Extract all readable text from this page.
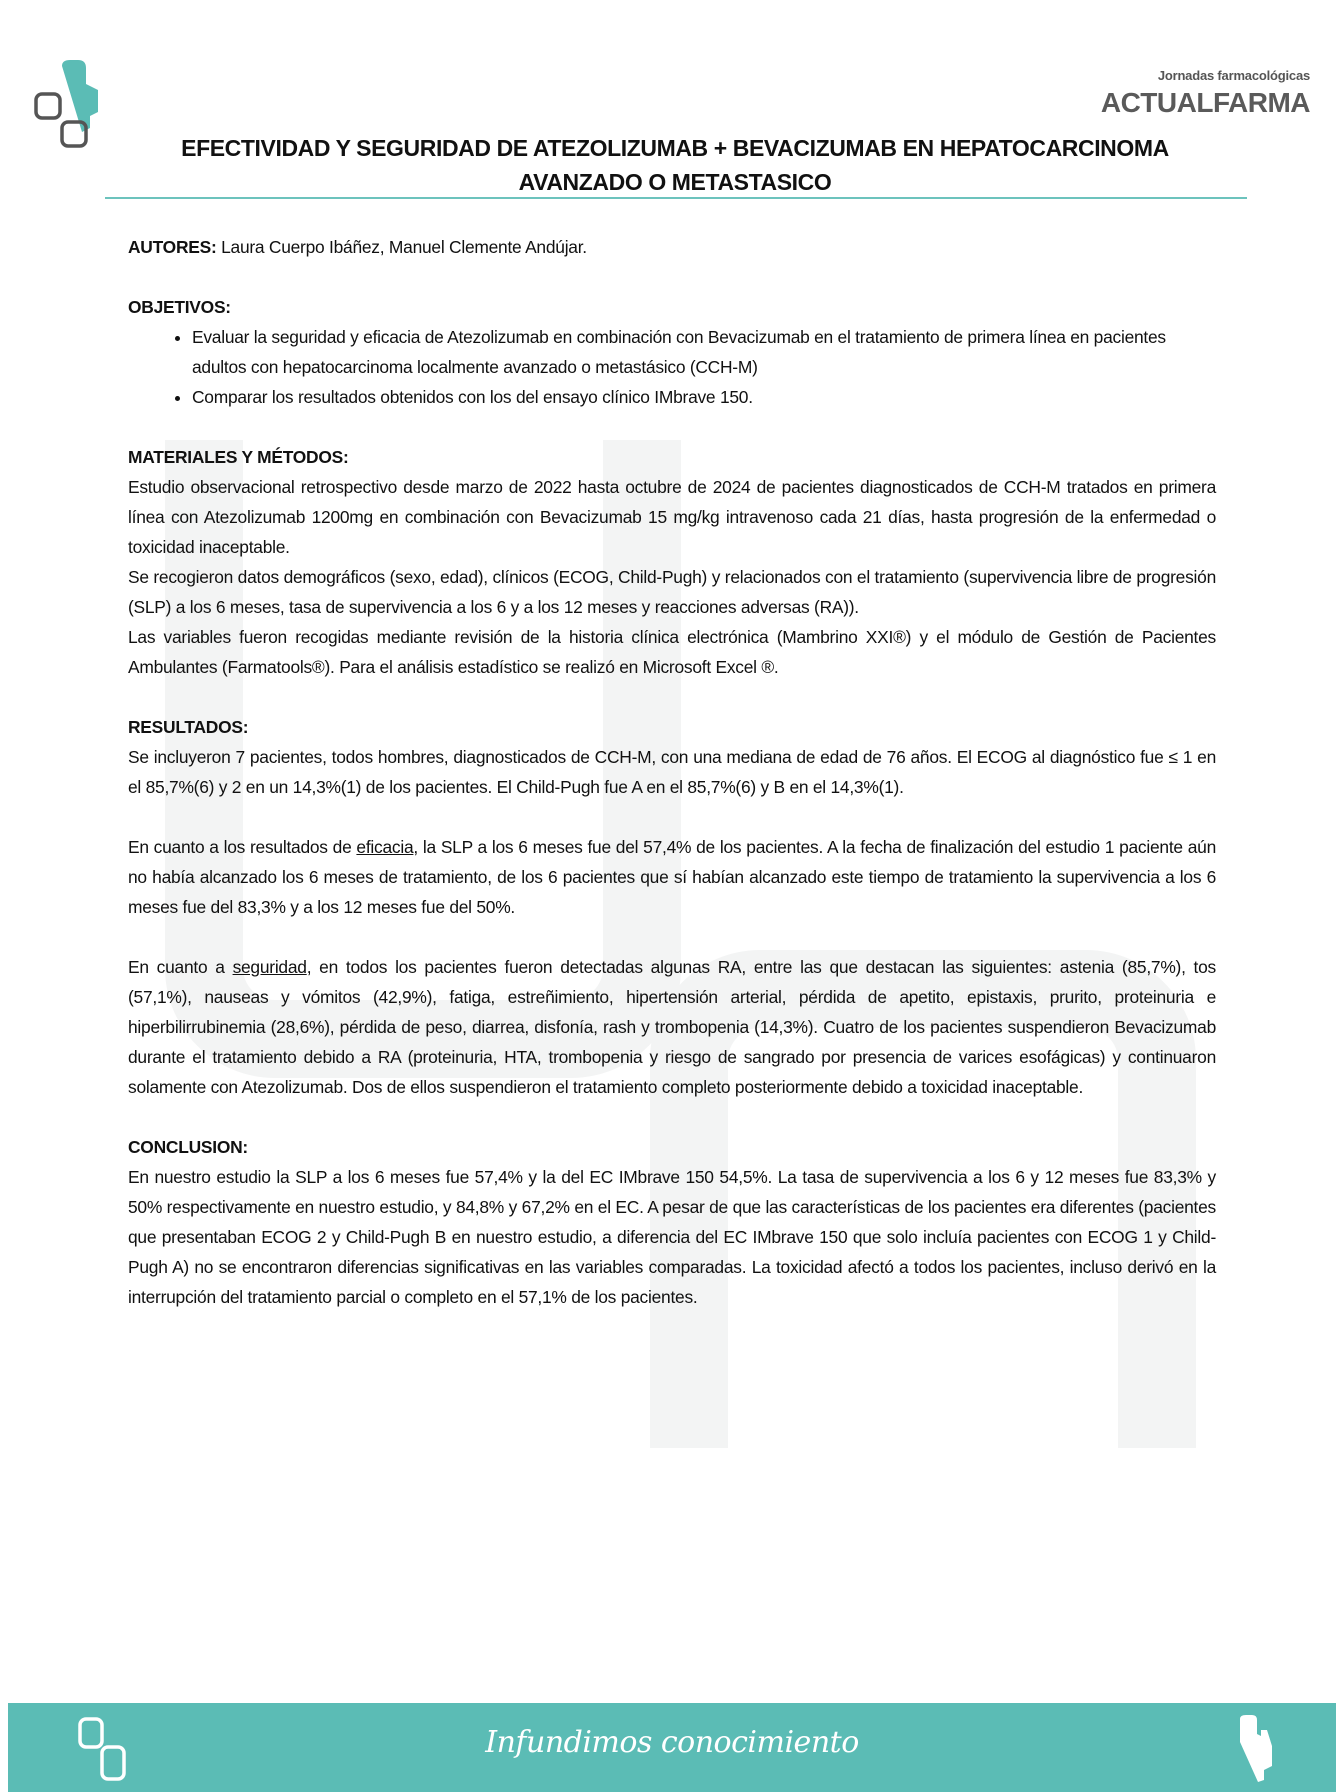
Jornadas farmacológicas
ACTUALFARMA
EFECTIVIDAD Y SEGURIDAD DE ATEZOLIZUMAB + BEVACIZUMAB EN HEPATOCARCINOMA
AVANZADO O METASTASICO

AUTORES: Laura Cuerpo Ibáñez, Manuel Clemente Andújar.

OBJETIVOS:

• Evaluar la seguridad y eficacia de Atezolizumab en combinación con Bevacizumab en el tratamiento de primera línea en pacientes adultos con hepatocarcinoma localmente avanzado o metastásico (CCH-M)
• Comparar los resultados obtenidos con los del ensayo clínico IMbrave 150.

MATERIALES Y MÉTODOS:

Estudio observacional retrospectivo desde marzo de 2022 hasta octubre de 2024 de pacientes diagnosticados de CCH-M tratados en primera línea con Atezolizumab 1200mg en combinación con Bevacizumab 15 mg/kg intravenoso cada 21 días, hasta progresión de la enfermedad o toxicidad inaceptable.

Se recogieron datos demográficos (sexo, edad), clínicos (ECOG, Child-Pugh) y relacionados con el tratamiento (supervivencia libre de progresión (SLP) a los 6 meses, tasa de supervivencia a los 6 y a los 12 meses y reacciones adversas (RA)).

Las variables fueron recogidas mediante revisión de la historia clínica electrónica (Mambrino XXI®) y el módulo de Gestión de Pacientes Ambulantes (Farmatools®). Para el análisis estadístico se realizó en Microsoft Excel ®.

RESULTADOS:

Se incluyeron 7 pacientes, todos hombres, diagnosticados de CCH-M, con una mediana de edad de 76 años. El ECOG al diagnóstico fue ≤ 1 en el 85,7%(6) y 2 en un 14,3%(1) de los pacientes. El Child-Pugh fue A en el 85,7%(6) y B en el 14,3%(1).

En cuanto a los resultados de eficacia, la SLP a los 6 meses fue del 57,4% de los pacientes. A la fecha de finalización del estudio 1 paciente aún no había alcanzado los 6 meses de tratamiento, de los 6 pacientes que sí habían alcanzado este tiempo de tratamiento la supervivencia a los 6 meses fue del 83,3% y a los 12 meses fue del 50%.

En cuanto a seguridad, en todos los pacientes fueron detectadas algunas RA, entre las que destacan las siguientes: astenia (85,7%), tos (57,1%), nauseas y vómitos (42,9%), fatiga, estreñimiento, hipertensión arterial, pérdida de apetito, epistaxis, prurito, proteinuria e hiperbilirrubinemia (28,6%), pérdida de peso, diarrea, disfonía, rash y trombopenia (14,3%). Cuatro de los pacientes suspendieron Bevacizumab durante el tratamiento debido a RA (proteinuria, HTA, trombopenia y riesgo de sangrado por presencia de varices esofágicas) y continuaron solamente con Atezolizumab. Dos de ellos suspendieron el tratamiento completo posteriormente debido a toxicidad inaceptable.

CONCLUSION:

En nuestro estudio la SLP a los 6 meses fue 57,4% y la del EC IMbrave 150 54,5%. La tasa de supervivencia a los 6 y 12 meses fue 83,3% y 50% respectivamente en nuestro estudio, y 84,8% y 67,2% en el EC. A pesar de que las características de los pacientes era diferentes (pacientes que presentaban ECOG 2 y Child-Pugh B en nuestro estudio, a diferencia del EC IMbrave 150 que solo incluía pacientes con ECOG 1 y Child-Pugh A) no se encontraron diferencias significativas en las variables comparadas. La toxicidad afectó a todos los pacientes, incluso derivó en la interrupción del tratamiento parcial o completo en el 57,1% de los pacientes.

Infundimos conocimiento
